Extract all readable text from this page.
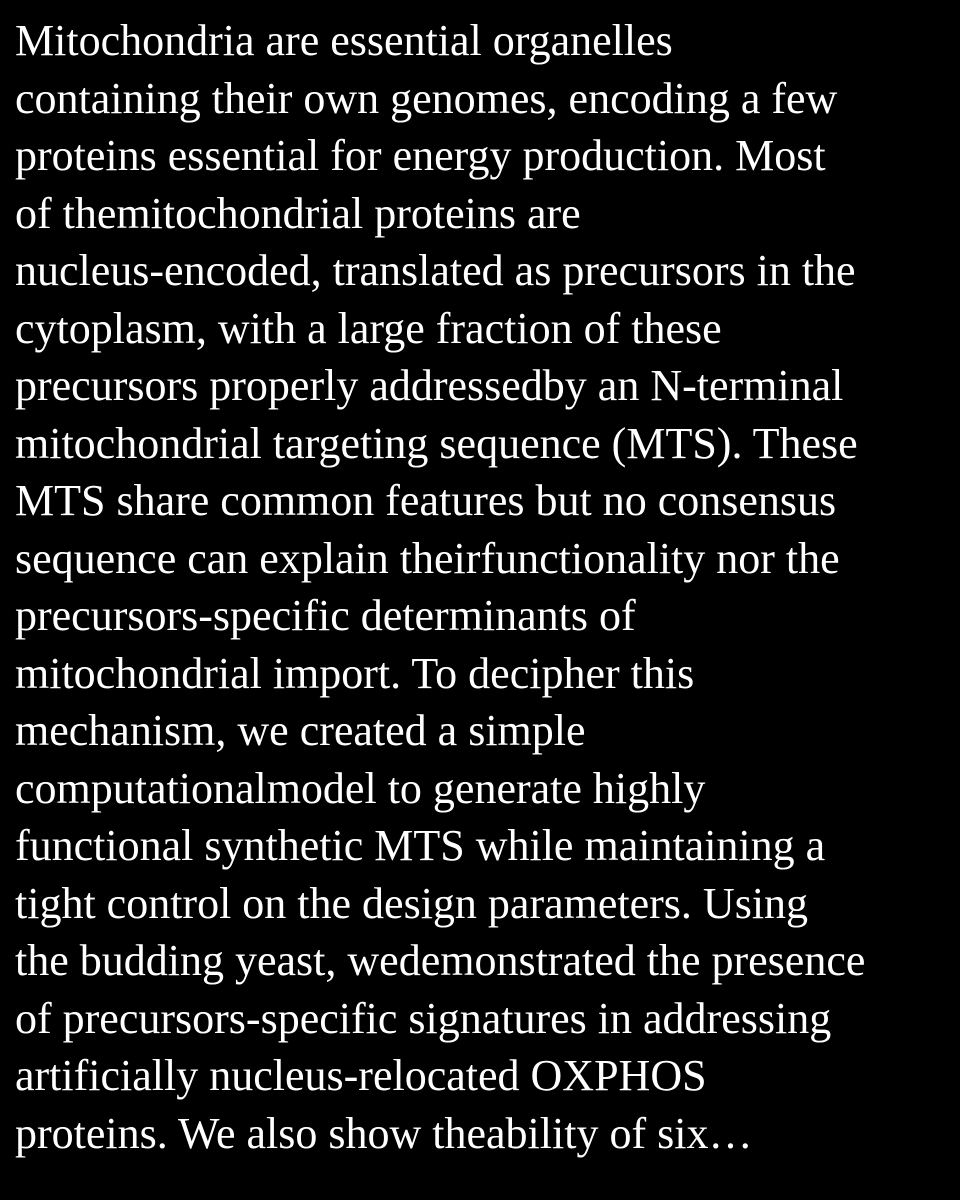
Mitochondria are essential organelles
containing their own genomes, encoding a few
proteins essential for energy production. Most
of themitochondrial proteins are
nucleus-encoded, translated as precursors in the
cytoplasm, with a large fraction of these
precursors properly addressedby an N-terminal
mitochondrial targeting sequence (MTS). These
MTS share common features but no consensus
sequence can explain theirfunctionality nor the
precursors-specific determinants of
mitochondrial import. To decipher this
mechanism, we created a simple
computationalmodel to generate highly
functional synthetic MTS while maintaining a
tight control on the design parameters. Using
the budding yeast, wedemonstrated the presence
of precursors-specific signatures in addressing
artificially nucleus-relocated OXPHOS
proteins. We also show theability of six…
